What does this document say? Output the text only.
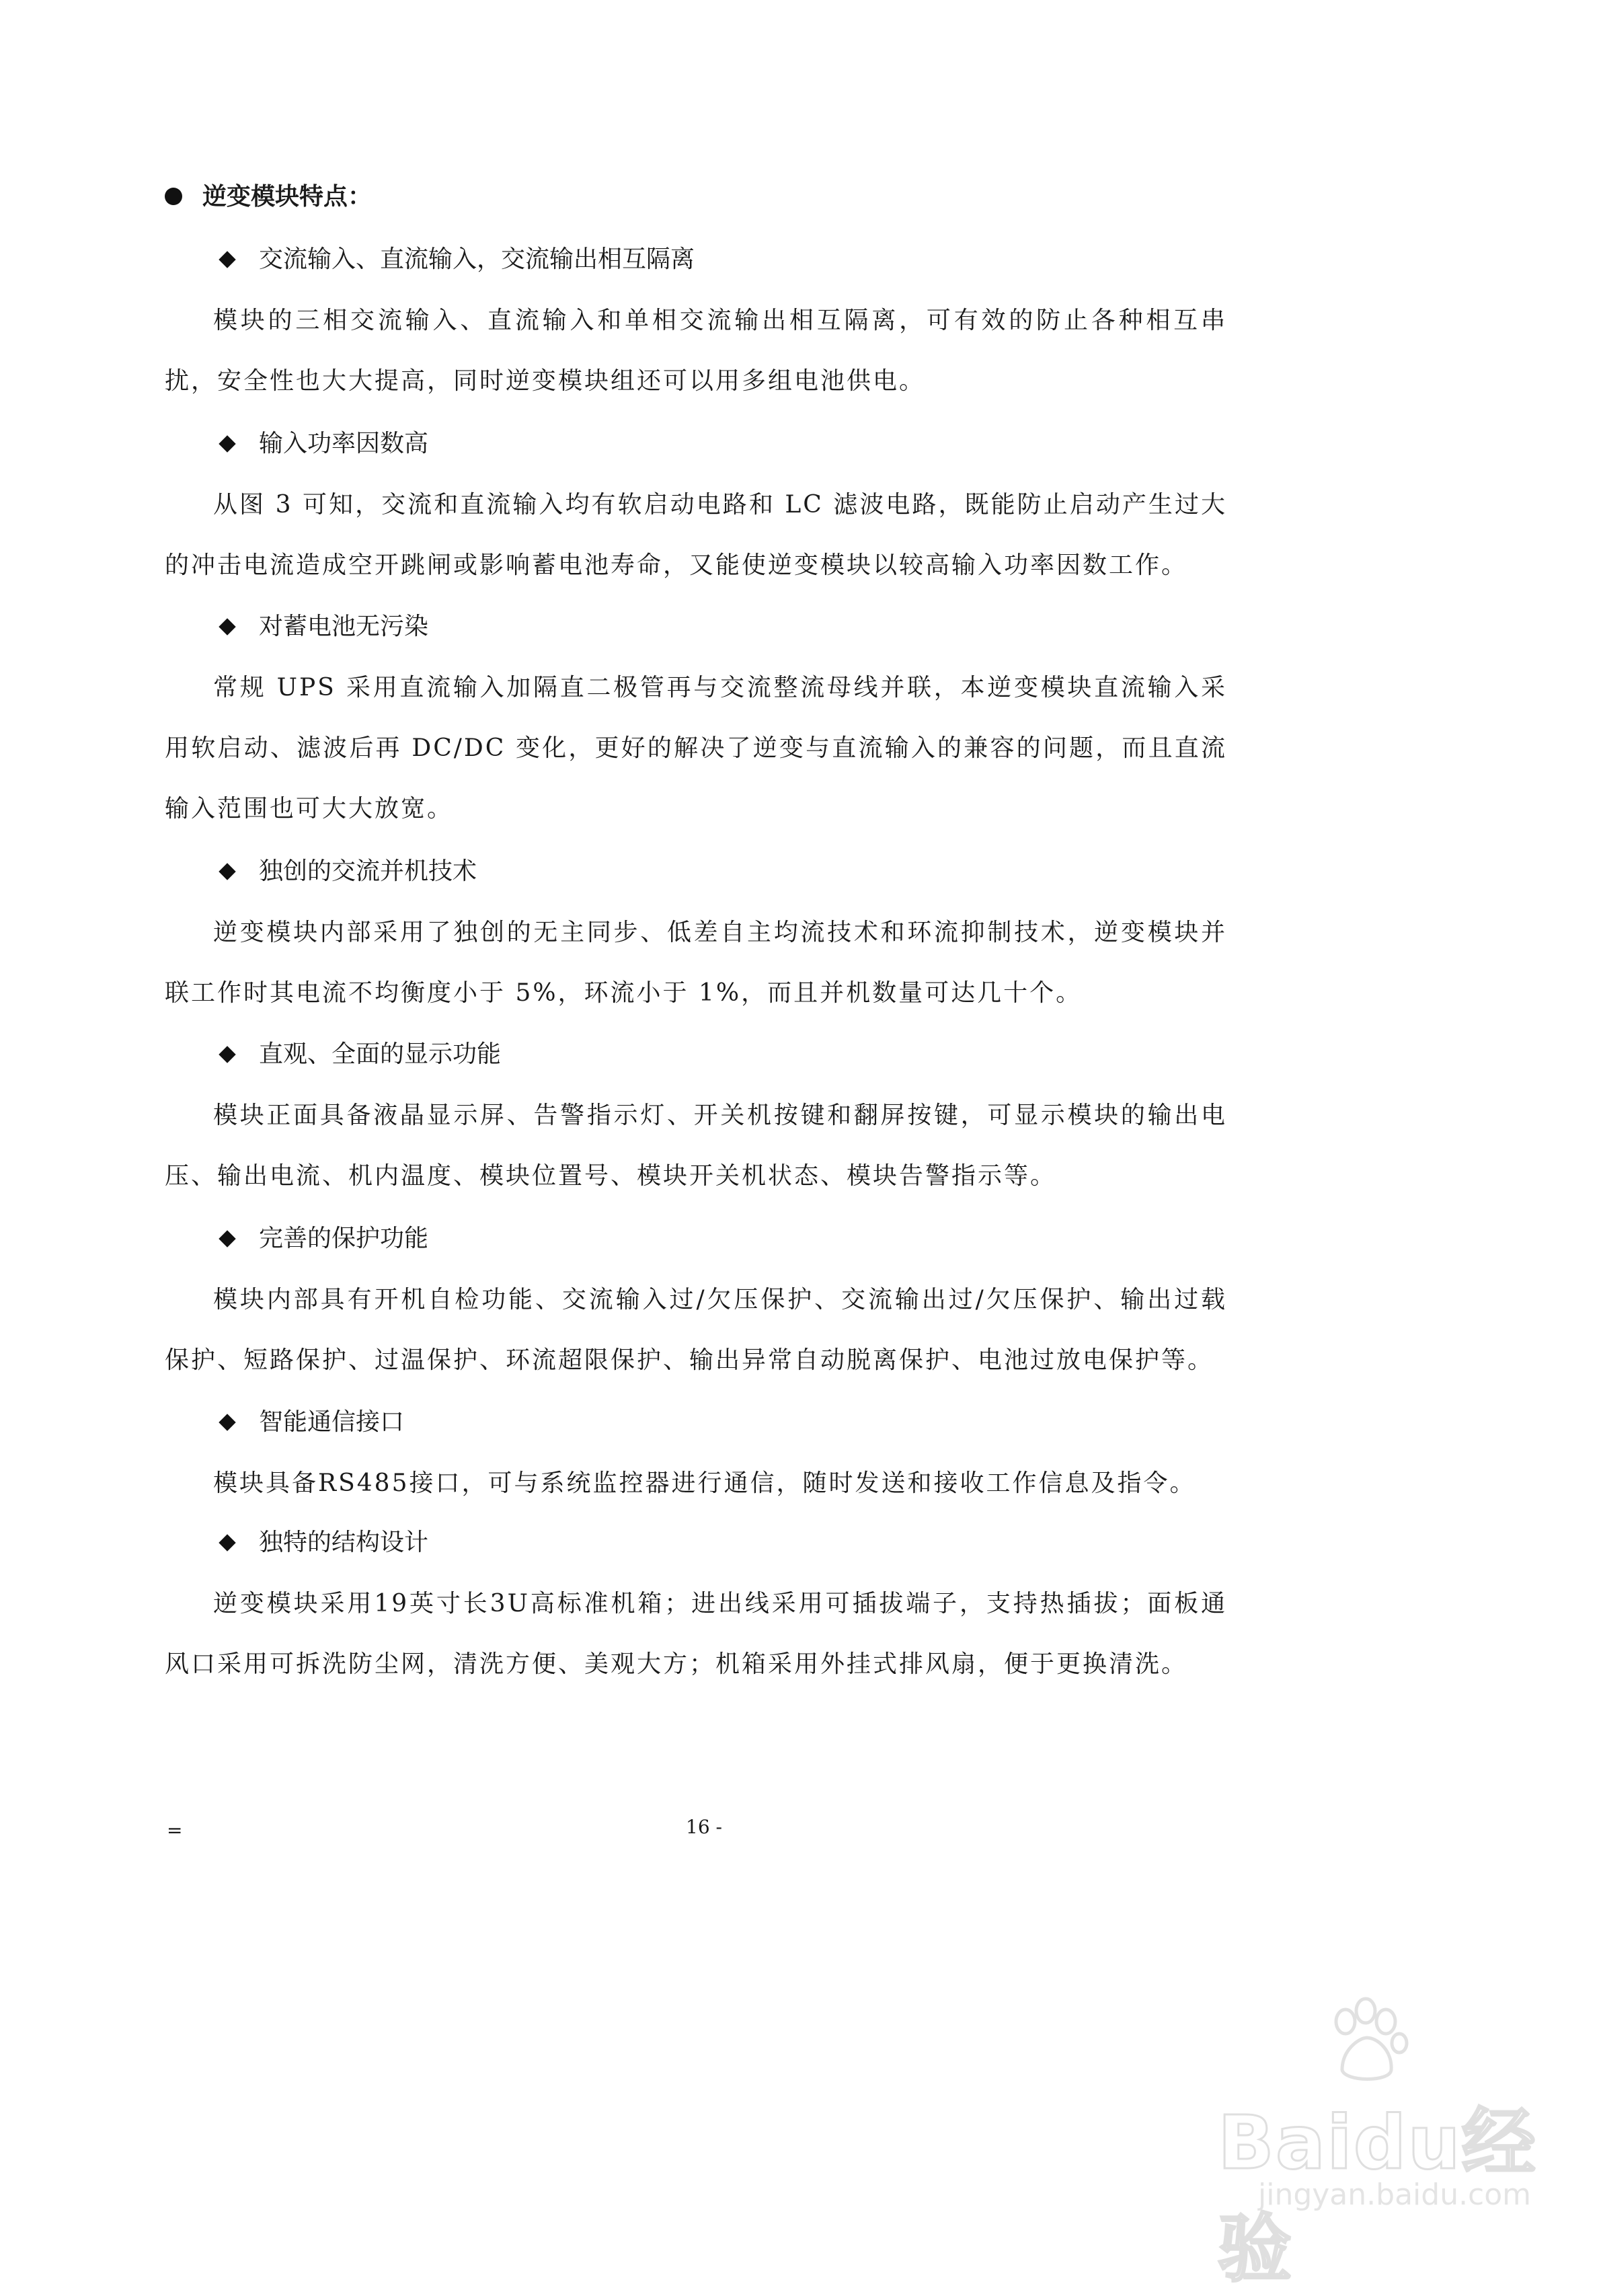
逆变模块特点：
交流输入、直流输入，交流输出相互隔离
模块的三相交流输入、直流输入和单相交流输出相互隔离，可有效的防止各种相互串扰，安全性也大大提高，同时逆变模块组还可以用多组电池供电。
输入功率因数高
从图 3 可知，交流和直流输入均有软启动电路和 LC 滤波电路，既能防止启动产生过大的冲击电流造成空开跳闸或影响蓄电池寿命，又能使逆变模块以较高输入功率因数工作。
对蓄电池无污染
常规 UPS 采用直流输入加隔直二极管再与交流整流母线并联，本逆变模块直流输入采用软启动、滤波后再 DC/DC 变化，更好的解决了逆变与直流输入的兼容的问题，而且直流输入范围也可大大放宽。
独创的交流并机技术
逆变模块内部采用了独创的无主同步、低差自主均流技术和环流抑制技术，逆变模块并联工作时其电流不均衡度小于 5%，环流小于 1%，而且并机数量可达几十个。
直观、全面的显示功能
模块正面具备液晶显示屏、告警指示灯、开关机按键和翻屏按键，可显示模块的输出电压、输出电流、机内温度、模块位置号、模块开关机状态、模块告警指示等。
完善的保护功能
模块内部具有开机自检功能、交流输入过/欠压保护、交流输出过/欠压保护、输出过载保护、短路保护、过温保护、环流超限保护、输出异常自动脱离保护、电池过放电保护等。
智能通信接口
模块具备RS485接口，可与系统监控器进行通信，随时发送和接收工作信息及指令。
独特的结构设计
逆变模块采用19英寸长3U高标准机箱；进出线采用可插拔端子，支持热插拔；面板通风口采用可拆洗防尘网，清洗方便、美观大方；机箱采用外挂式排风扇，便于更换清洗。
=	16 -
Baidu经验
jingyan.baidu.com
